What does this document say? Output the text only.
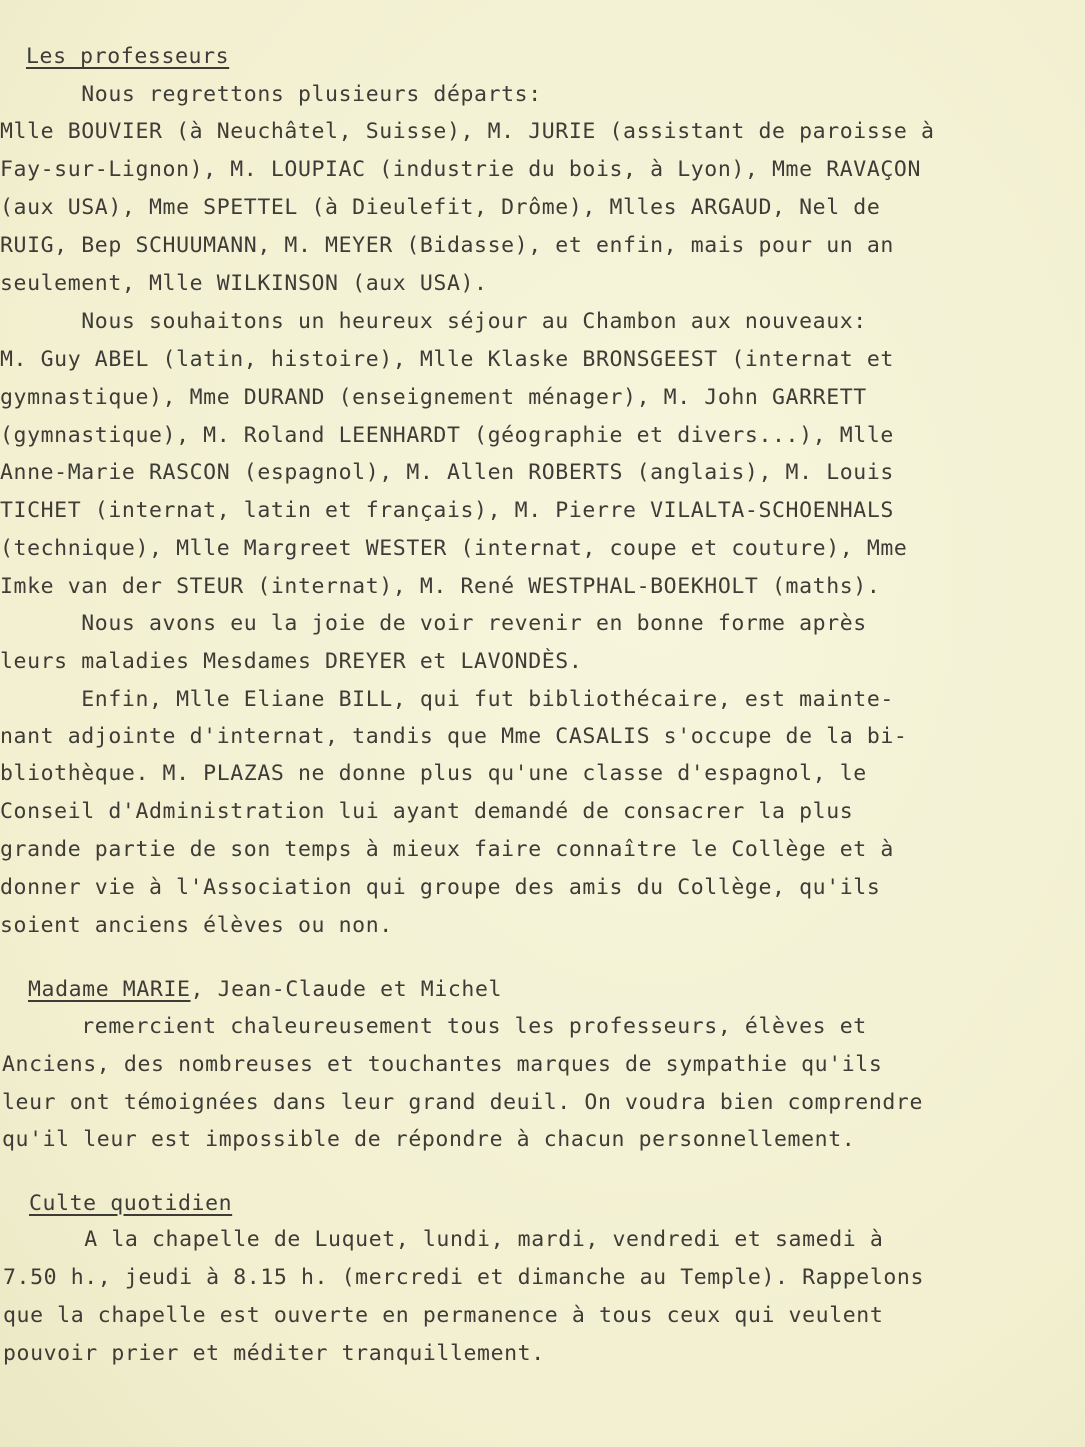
Les professeurs

Nous regrettons plusieurs départs:

Mlle BOUVIER (à Neuchâtel, Suisse), M. JURIE (assistant de paroisse à

Fay-sur-Lignon), M. LOUPIAC (industrie du bois, à Lyon), Mme RAVAÇON

(aux USA), Mme SPETTEL (à Dieulefit, Drôme), Mlles ARGAUD, Nel de

RUIG, Bep SCHUUMANN, M. MEYER (Bidasse), et enfin, mais pour un an

seulement, Mlle WILKINSON (aux USA).

Nous souhaitons un heureux séjour au Chambon aux nouveaux:

M. Guy ABEL (latin, histoire), Mlle Klaske BRONSGEEST (internat et

gymnastique), Mme DURAND (enseignement ménager), M. John GARRETT

(gymnastique), M. Roland LEENHARDT (géographie et divers...), Mlle

Anne-Marie RASCON (espagnol), M. Allen ROBERTS (anglais), M. Louis

TICHET (internat, latin et français), M. Pierre VILALTA-SCHOENHALS

(technique), Mlle Margreet WESTER (internat, coupe et couture), Mme

Imke van der STEUR (internat), M. René WESTPHAL-BOEKHOLT (maths).

Nous avons eu la joie de voir revenir en bonne forme après

leurs maladies Mesdames DREYER et LAVONDÈS.

Enfin, Mlle Eliane BILL, qui fut bibliothécaire, est mainte-

nant adjointe d'internat, tandis que Mme CASALIS s'occupe de la bi-

bliothèque. M. PLAZAS ne donne plus qu'une classe d'espagnol, le

Conseil d'Administration lui ayant demandé de consacrer la plus

grande partie de son temps à mieux faire connaître le Collège et à

donner vie à l'Association qui groupe des amis du Collège, qu'ils

soient anciens élèves ou non.

Madame MARIE, Jean-Claude et Michel

remercient chaleureusement tous les professeurs, élèves et

Anciens, des nombreuses et touchantes marques de sympathie qu'ils

leur ont témoignées dans leur grand deuil. On voudra bien comprendre

qu'il leur est impossible de répondre à chacun personnellement.

Culte quotidien

A la chapelle de Luquet, lundi, mardi, vendredi et samedi à

7.50 h., jeudi à 8.15 h. (mercredi et dimanche au Temple). Rappelons

que la chapelle est ouverte en permanence à tous ceux qui veulent

pouvoir prier et méditer tranquillement.
